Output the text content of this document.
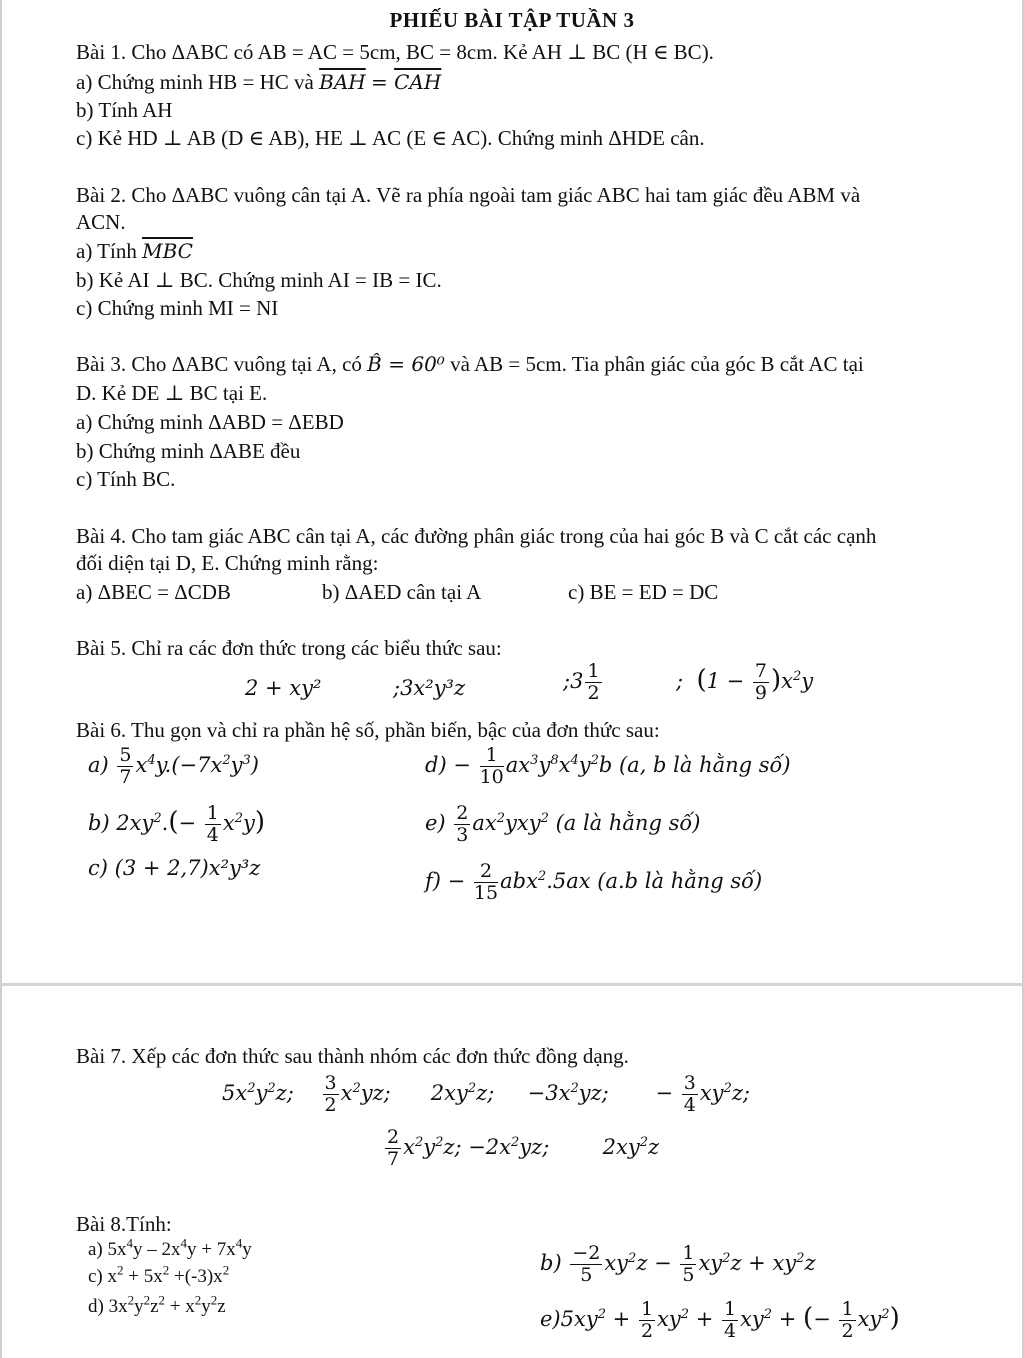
PHIẾU BÀI TẬP TUẦN 3
Bài 1. Cho ΔABC có AB = AC = 5cm, BC = 8cm. Kẻ AH ⊥ BC (H ∈ BC).
a) Chứng minh HB = HC và $\overline{BAH} = \overline{CAH}$
b) Tính AH
c) Kẻ HD ⊥ AB (D ∈ AB), HE ⊥ AC (E ∈ AC). Chứng minh ΔHDE cân.
Bài 2. Cho ΔABC vuông cân tại A. Vẽ ra phía ngoài tam giác ABC hai tam giác đều ABM và
ACN.
a) Tính $\overline{MBC}$
b) Kẻ AI ⊥ BC. Chứng minh AI = IB = IC.
c) Chứng minh MI = NI
Bài 3. Cho ΔABC vuông tại A, có B̂ = 60⁰ và AB = 5cm. Tia phân giác của góc B cắt AC tại
D. Kẻ DE ⊥ BC tại E.
a) Chứng minh ΔABD = ΔEBD
b) Chứng minh ΔABE đều
c) Tính BC.
Bài 4. Cho tam giác ABC cân tại A, các đường phân giác trong của hai góc B và C cắt các cạnh
đối diện tại D, E. Chứng minh rằng:
a) ΔBEC = ΔCDB	b) ΔAED cân tại A	c) BE = ED = DC
Bài 5. Chỉ ra các đơn thức trong các biểu thức sau:
2 + xy²	;3x²y³z	;3 $\frac{1}{2}$	; $(1 - \frac{7}{9} )x^2y$
Bài 6. Thu gọn và chỉ ra phần hệ số, phần biến, bậc của đơn thức sau:
$a) \frac{5}{7} x^4y.(-7x^2y^3)$	$d) - \frac{1}{10} ax^3y^8x^4y^2b$ (a, b là hằng số)
b) $2xy^2.(- \frac{1}{4} x^2y)$	$e) \frac{2}{3} ax^2yxy^2$ (a là hằng số)
c) (3 + 2,7)x²y³z
$f) - \frac{2}{15} abx^2.5ax$ (a.b là hằng số)
Bài 7. Xếp các đơn thức sau thành nhóm các đơn thức đồng dạng.
$5x^2y^2z$; $\frac{3}{2} x^2yz$;      $2xy^2z$;     $-3x^2yz$;       − $\frac{3}{4} xy^2z$;
$\frac{2}{7} x^2y^2z$; $-2x^2yz$;        $2xy^2z$
Bài 8.Tính:
a) $5x^4y - 2x^4y + 7x^4y$
c) $x^2 + 5x^2 +(-3)x^2$
d) $3x^2y^2z^2 + x^2y^2z$
$b) \frac{-2}{5} xy^2z - \frac{1}{5} xy^2z + xy^2z$
$e)5xy^2 + \frac{1}{2} xy^2 + \frac{1}{4} xy^2$ + (− $\frac{1}{2} xy^2$)
